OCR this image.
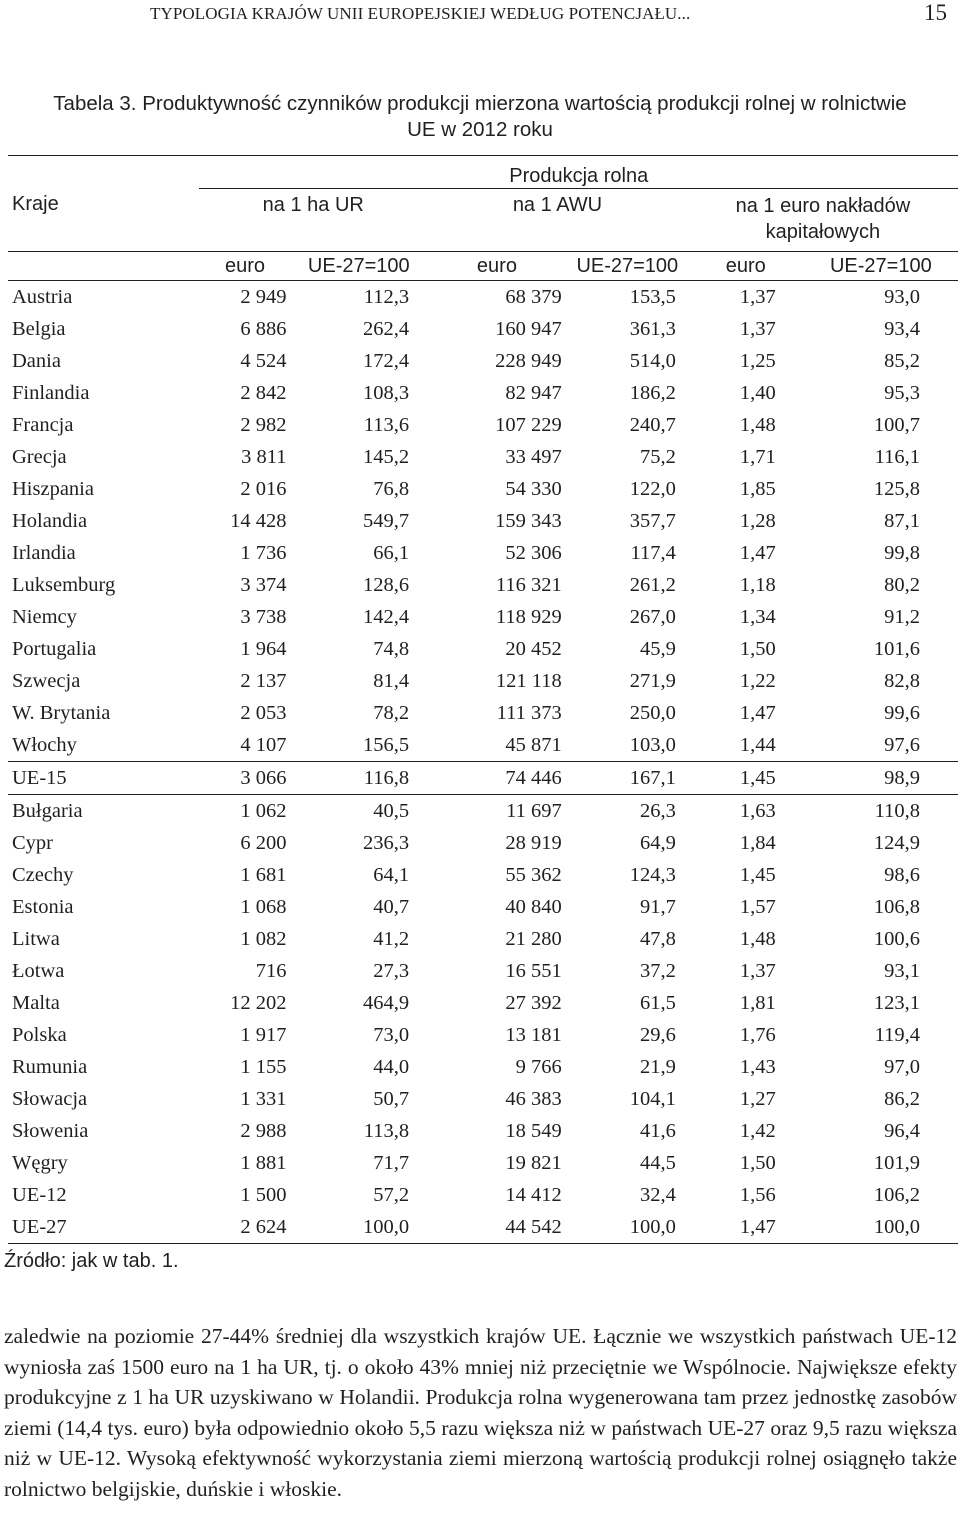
TYPOLOGIA KRAJÓW UNII EUROPEJSKIEJ WEDŁUG POTENCJAŁU...	15
Tabela 3. Produktywność czynników produkcji mierzona wartością produkcji rolnej w rolnictwie
UE w 2012 roku
Kraje	Produkcja rolna					
	na 1 ha UR		na 1 AWU		na 1 euro nakładów kapitałowych	
	euro	UE-27=100	euro	UE-27=100	euro	UE-27=100
Austria	2 949	112,3	68 379	153,5	1,37	93,0
Belgia	6 886	262,4	160 947	361,3	1,37	93,4
Dania	4 524	172,4	228 949	514,0	1,25	85,2
Finlandia	2 842	108,3	82 947	186,2	1,40	95,3
Francja	2 982	113,6	107 229	240,7	1,48	100,7
Grecja	3 811	145,2	33 497	75,2	1,71	116,1
Hiszpania	2 016	76,8	54 330	122,0	1,85	125,8
Holandia	14 428	549,7	159 343	357,7	1,28	87,1
Irlandia	1 736	66,1	52 306	117,4	1,47	99,8
Luksemburg	3 374	128,6	116 321	261,2	1,18	80,2
Niemcy	3 738	142,4	118 929	267,0	1,34	91,2
Portugalia	1 964	74,8	20 452	45,9	1,50	101,6
Szwecja	2 137	81,4	121 118	271,9	1,22	82,8
W. Brytania	2 053	78,2	111 373	250,0	1,47	99,6
Włochy	4 107	156,5	45 871	103,0	1,44	97,6
UE-15	3 066	116,8	74 446	167,1	1,45	98,9
Bułgaria	1 062	40,5	11 697	26,3	1,63	110,8
Cypr	6 200	236,3	28 919	64,9	1,84	124,9
Czechy	1 681	64,1	55 362	124,3	1,45	98,6
Estonia	1 068	40,7	40 840	91,7	1,57	106,8
Litwa	1 082	41,2	21 280	47,8	1,48	100,6
Łotwa	716	27,3	16 551	37,2	1,37	93,1
Malta	12 202	464,9	27 392	61,5	1,81	123,1
Polska	1 917	73,0	13 181	29,6	1,76	119,4
Rumunia	1 155	44,0	9 766	21,9	1,43	97,0
Słowacja	1 331	50,7	46 383	104,1	1,27	86,2
Słowenia	2 988	113,8	18 549	41,6	1,42	96,4
Węgry	1 881	71,7	19 821	44,5	1,50	101,9
UE-12	1 500	57,2	14 412	32,4	1,56	106,2
UE-27	2 624	100,0	44 542	100,0	1,47	100,0
Źródło: jak w tab. 1.

zaledwie na poziomie 27-44% średniej dla wszystkich krajów UE. Łącznie we wszystkich państwach UE-12 wyniosła zaś 1500 euro na 1 ha UR, tj. o około 43% mniej niż przeciętnie we Wspólnocie. Największe efekty produkcyjne z 1 ha UR uzyskiwano w Holandii. Produkcja rolna wygenerowana tam przez jednostkę zasobów ziemi (14,4 tys. euro) była odpowiednio około 5,5 razu większa niż w państwach UE-27 oraz 9,5 razu większa niż w UE-12. Wysoką efektywność wykorzystania ziemi mierzoną wartością produkcji rolnej osiągnęło także rolnictwo belgijskie, duńskie i włoskie.
